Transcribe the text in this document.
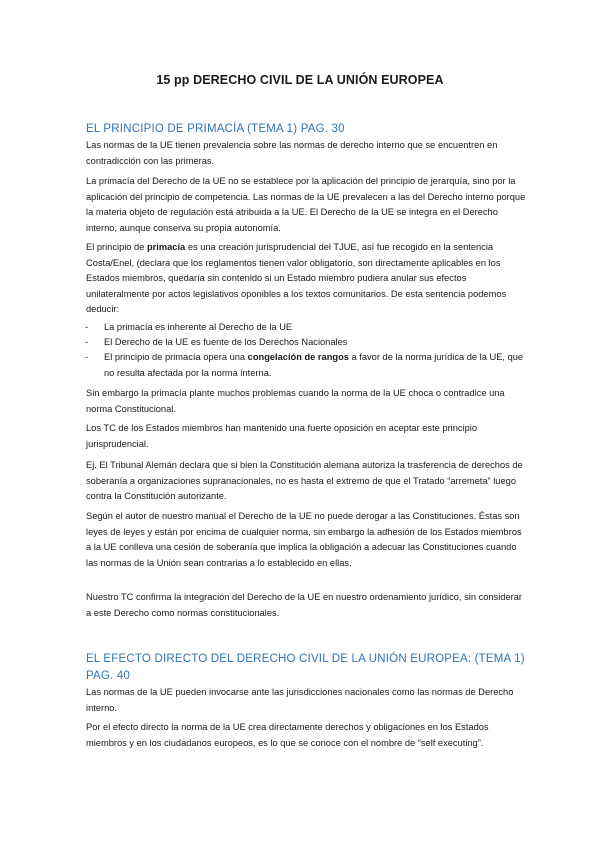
15 pp DERECHO CIVIL DE LA UNIÓN EUROPEA
EL PRINCIPIO DE PRIMACÍA (TEMA 1) PAG. 30
Las normas de la UE tienen prevalencia sobre las normas de derecho interno que se encuentren en contradicción con las primeras.
La primacía del Derecho de la UE no se establece por la aplicación del principio de jerarquía, sino por la aplicación del principio de competencia. Las normas de la UE prevalecen a las del Derecho interno porque la materia objeto de regulación está atribuida a la UE. El Derecho de la UE se integra en el Derecho interno, aunque conserva su propia autonomía.
El principio de primacía es una creación jurisprudencial del TJUE, así fue recogido en la sentencia Costa/Enel, (declara que los reglamentos tienen valor obligatorio, son directamente aplicables en los Estados miembros, quedaría sin contenido si un Estado miembro pudiera anular sus efectos unilateralmente por actos legislativos oponibles a los textos comunitarios. De esta sentencia podemos deducir:
- La primacía es inherente al Derecho de la UE
- El Derecho de la UE es fuente de los Derechos Nacionales
- El principio de primacía opera una congelación de rangos a favor de la norma jurídica de la UE, que no resulta afectada por la norma interna.
Sin embargo la primacía plante muchos problemas cuando la norma de la UE choca o contradice una norma Constitucional.
Los TC de los Estados miembros han mantenido una fuerte oposición en aceptar este principio jurisprudencial.
Ej. El Tribunal Alemán declara que si bien la Constitución alemana autoriza la trasferencia de derechos de soberanía a organizaciones supranacionales, no es hasta el extremo de que el Tratado “arremeta” luego contra la Constitución autorizante.
Según el autor de nuestro manual el Derecho de la UE no puede derogar a las Constituciones. Éstas son leyes de leyes y están por encima de cualquier norma, sin embargo la adhesión de los Estados miembros a la UE conlleva una cesión de soberanía que implica la obligación a adecuar las Constituciones cuando las normas de la Unión sean contrarias a lo establecido en ellas.
Nuestro TC confirma la integración del Derecho de la UE en nuestro ordenamiento jurídico, sin considerar a este Derecho como normas constitucionales.
EL EFECTO DIRECTO DEL DERECHO CIVIL DE LA UNIÓN EUROPEA: (TEMA 1) PAG. 40
Las normas de la UE pueden invocarse ante las jurisdicciones nacionales como las normas de Derecho interno.
Por el efecto directo la norma de la UE crea directamente derechos y obligaciones en los Estados miembros y en los ciudadanos europeos, es lo que se conoce con el nombre de “self executing”.
